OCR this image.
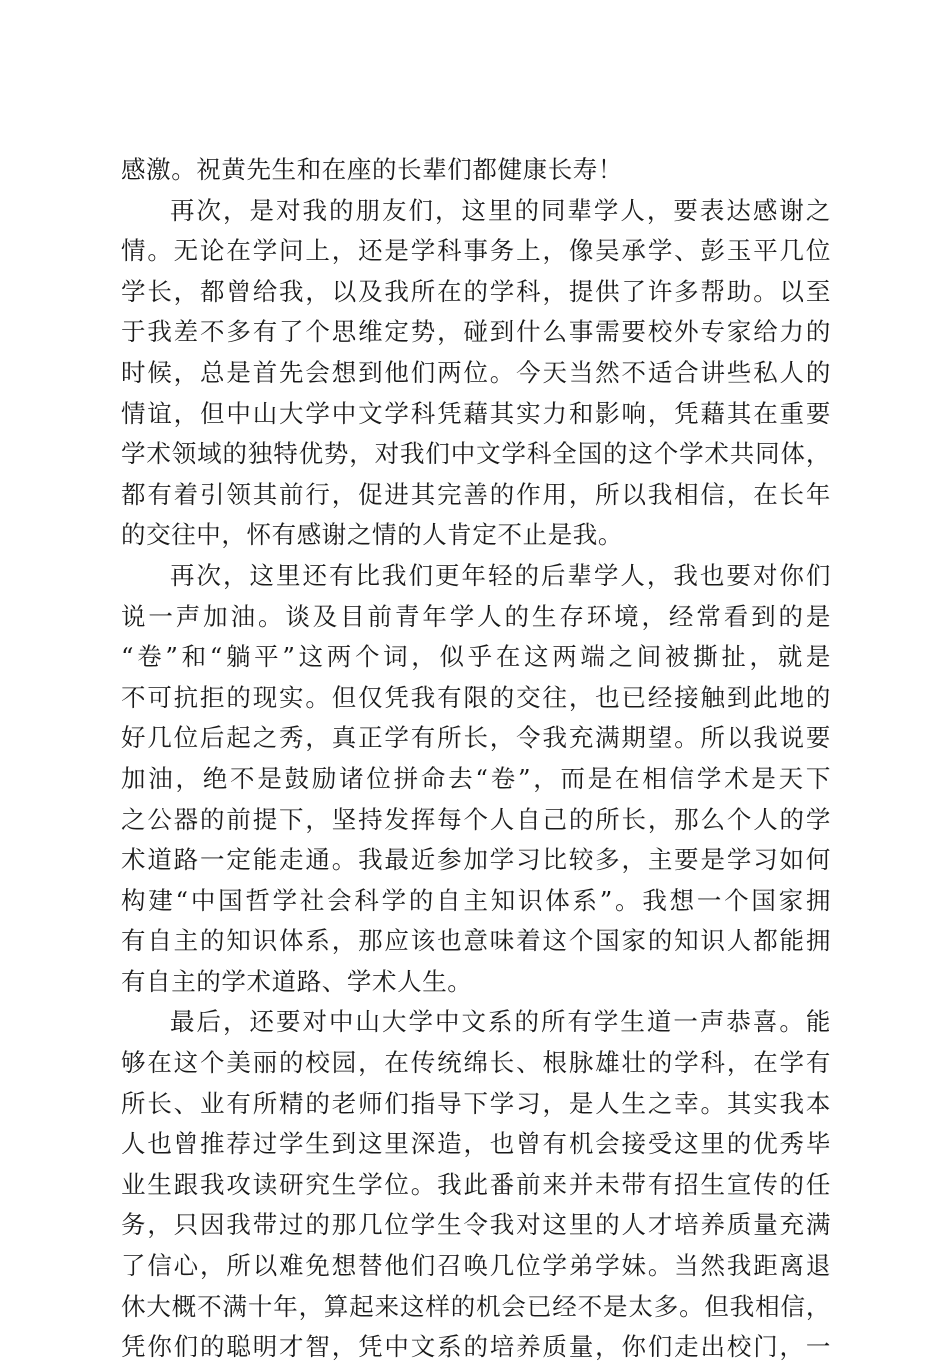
感激。祝黄先生和在座的长辈们都健康长寿！
再次，是对我的朋友们，这里的同辈学人，要表达感谢之
情。无论在学问上，还是学科事务上，像吴承学、彭玉平几位
学长，都曾给我，以及我所在的学科，提供了许多帮助。以至
于我差不多有了个思维定势，碰到什么事需要校外专家给力的
时候，总是首先会想到他们两位。今天当然不适合讲些私人的
情谊，但中山大学中文学科凭藉其实力和影响，凭藉其在重要
学术领域的独特优势，对我们中文学科全国的这个学术共同体，
都有着引领其前行，促进其完善的作用，所以我相信，在长年
的交往中，怀有感谢之情的人肯定不止是我。
再次，这里还有比我们更年轻的后辈学人，我也要对你们
说一声加油。谈及目前青年学人的生存环境，经常看到的是
“卷”和“躺平”这两个词，似乎在这两端之间被撕扯，就是
不可抗拒的现实。但仅凭我有限的交往，也已经接触到此地的
好几位后起之秀，真正学有所长，令我充满期望。所以我说要
加油，绝不是鼓励诸位拼命去“卷”，而是在相信学术是天下
之公器的前提下，坚持发挥每个人自己的所长，那么个人的学
术道路一定能走通。我最近参加学习比较多，主要是学习如何
构建“中国哲学社会科学的自主知识体系”。我想一个国家拥
有自主的知识体系，那应该也意味着这个国家的知识人都能拥
有自主的学术道路、学术人生。
最后，还要对中山大学中文系的所有学生道一声恭喜。能
够在这个美丽的校园，在传统绵长、根脉雄壮的学科，在学有
所长、业有所精的老师们指导下学习，是人生之幸。其实我本
人也曾推荐过学生到这里深造，也曾有机会接受这里的优秀毕
业生跟我攻读研究生学位。我此番前来并未带有招生宣传的任
务，只因我带过的那几位学生令我对这里的人才培养质量充满
了信心，所以难免想替他们召唤几位学弟学妹。当然我距离退
休大概不满十年，算起来这样的机会已经不是太多。但我相信，
凭你们的聪明才智，凭中文系的培养质量，你们走出校门，一
